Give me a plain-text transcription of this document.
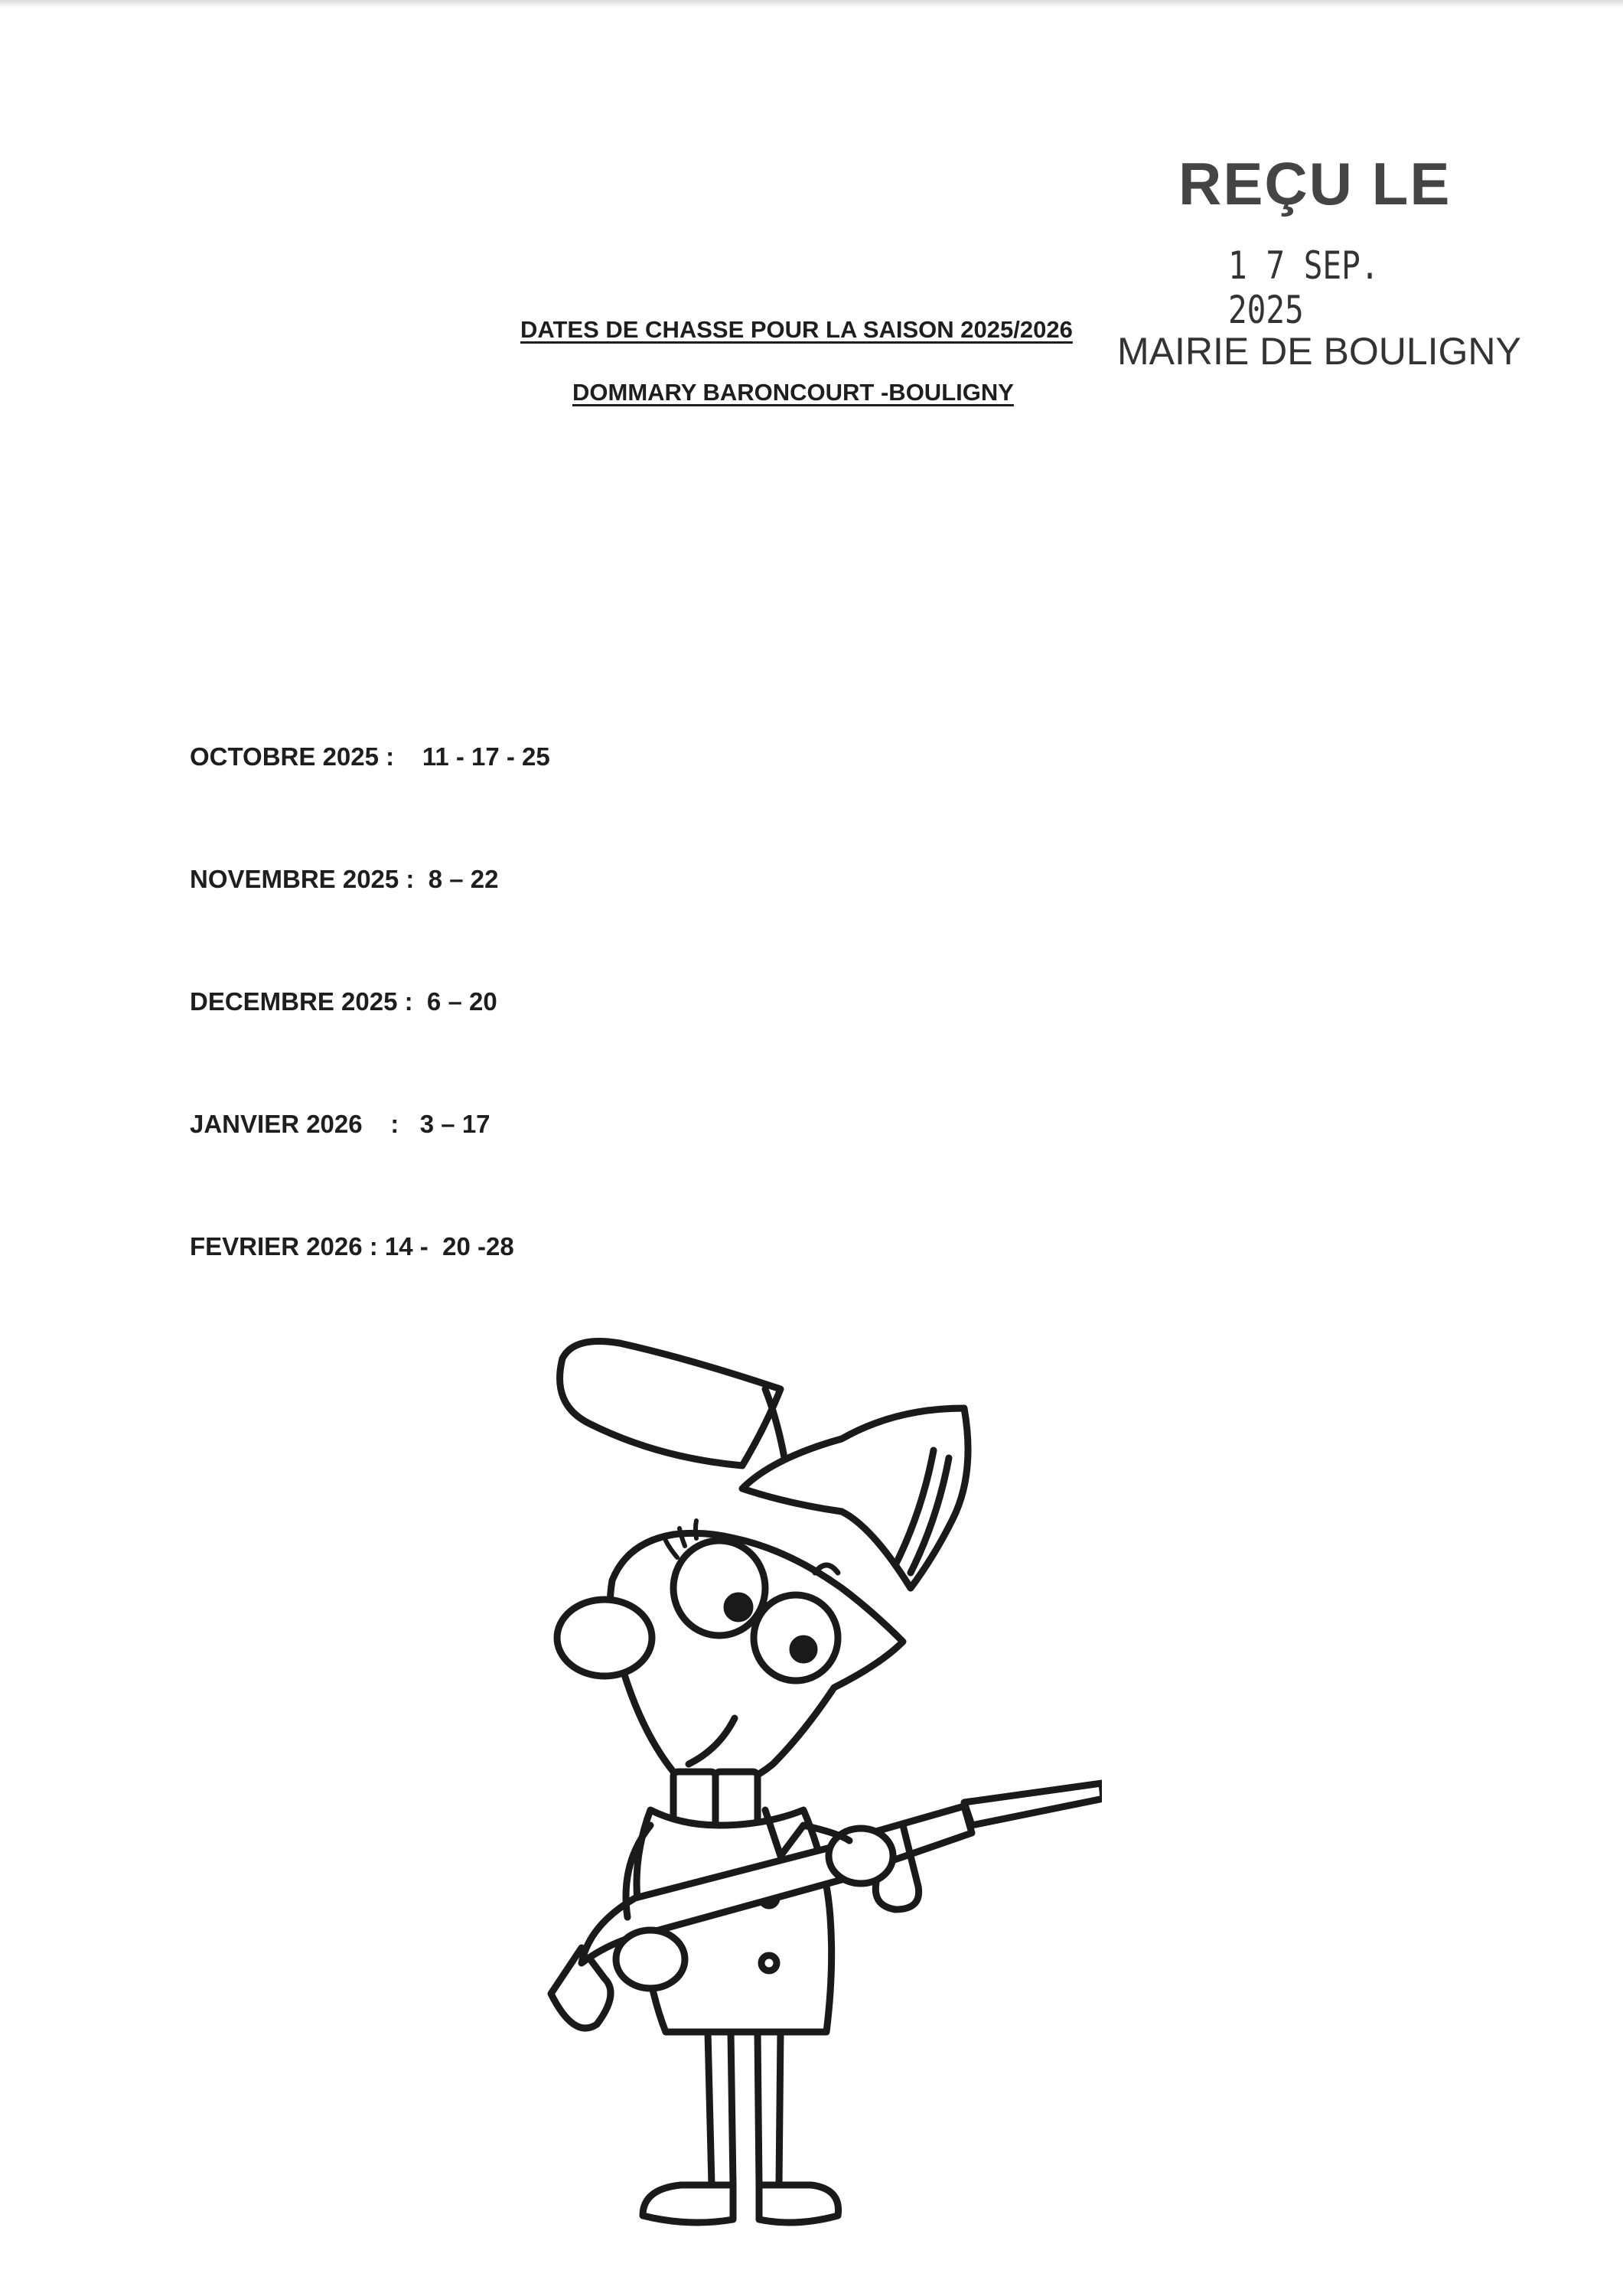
REÇU LE
1 7 SEP. 2025
MAIRIE DE BOULIGNY
DATES DE CHASSE POUR LA SAISON 2025/2026
DOMMARY BARONCOURT -BOULIGNY
OCTOBRE 2025 :    11 - 17 - 25
NOVEMBRE 2025 :  8 – 22
DECEMBRE 2025 :  6 – 20
JANVIER 2026    :   3 – 17
FEVRIER 2026 : 14 -  20 -28
